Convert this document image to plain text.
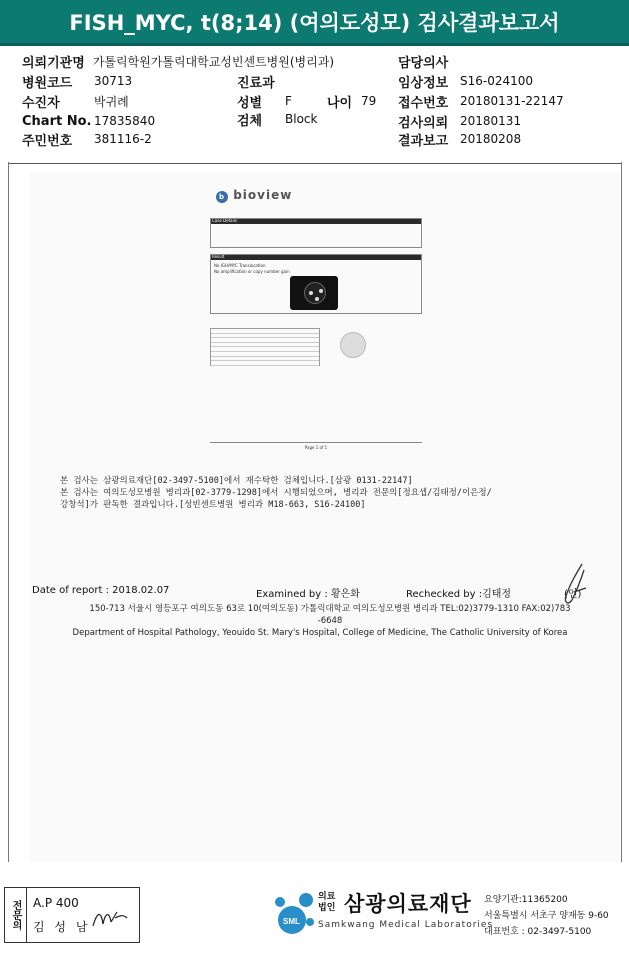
FISH_MYC, t(8;14) (여의도성모) 검사결과보고서
의뢰기관명 가톨릭학원가톨릭대학교성빈센트병원(병리과)	담당의사
병원코드	30713	진료과	임상정보 S16-024100
수진자	박귀례	성별	F	나이 79 접수번호 20180131-22147
Chart No. 17835840	검체	Block	검사의뢰 20180131
주민번호	381116-2	결과보고 20180208
b bioview
Case Details
Result
No IGH/MYC Translocation
No amplification or copy number gain
Page 1 of 1
본 검사는 삼광의료재단[02-3497-5100]에서 재수탁한 검체입니다.[삼광 0131-22147]
본 검사는 여의도성모병원 병리과[02-3779-1298]에서 시행되었으며, 병리과 전문의[정요셉/김태정/이은정/
강창석]가 판독한 결과입니다.[성빈센트병원 병리과 M18-663, S16-24100]
Date of report : 2018.02.07	Examined by : 황은화	Rechecked by :김태정	(인)
150-713 서울시 영등포구 여의도동 63로 10(여의도동) 가톨릭대학교 여의도성모병원 병리과 TEL:02)3779-1310 FAX:02)783
-6648
Department of Hospital Pathology, Yeouido St. Mary's Hospital, College of Medicine, The Catholic University of Korea
전문의	A.P 400
김 성 남	SML
의료
법인 삼광의료재단
Samkwang Medical Laboratories
요양기관:11365200
서울특별시 서초구 양재동 9-60
대표번호 : 02-3497-5100
